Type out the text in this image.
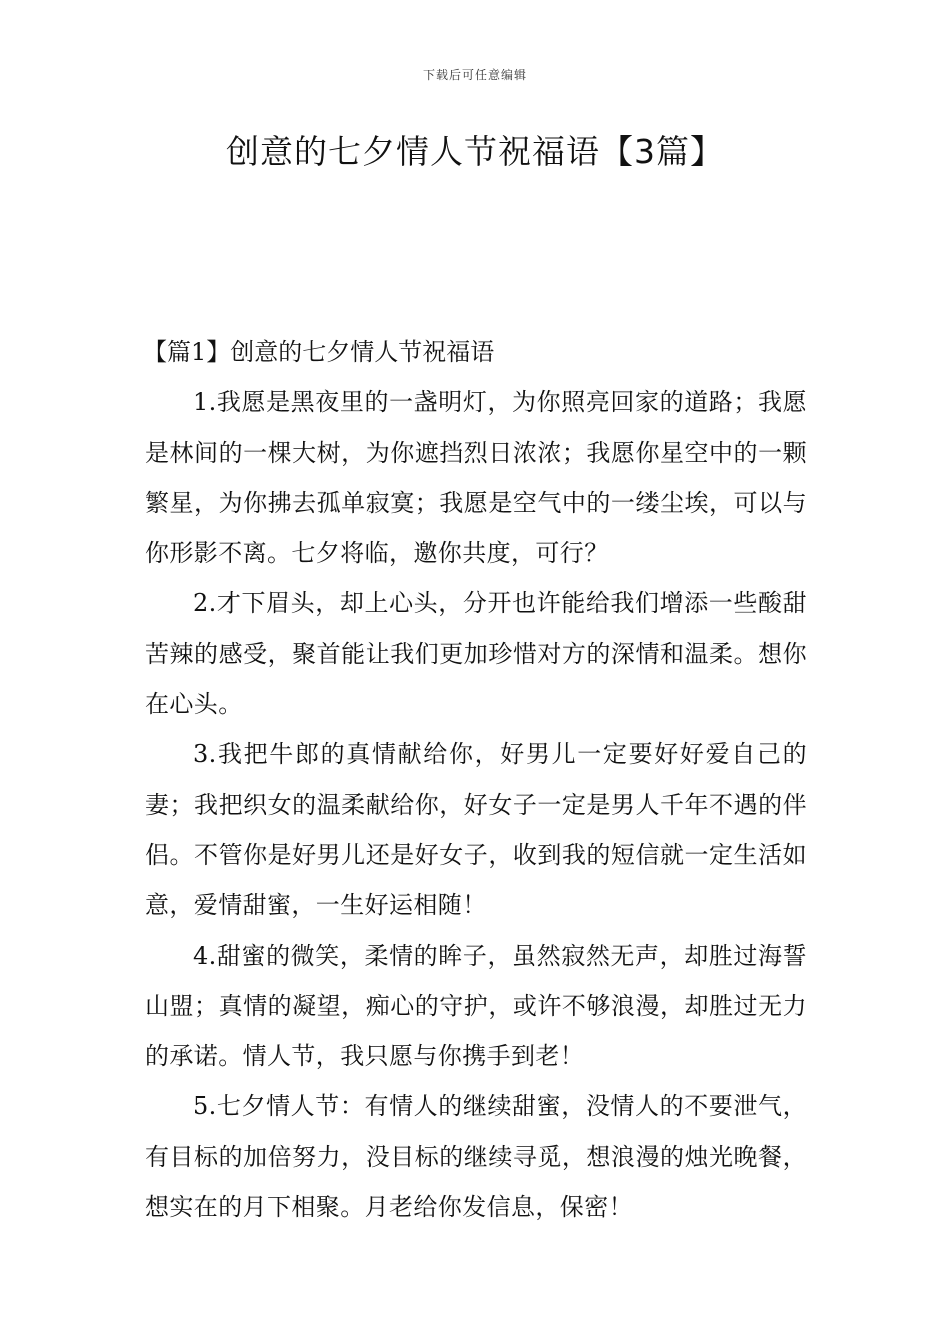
下载后可任意编辑
创意的七夕情人节祝福语【3篇】

【篇1】创意的七夕情人节祝福语

1.我愿是黑夜里的一盏明灯，为你照亮回家的道路；我愿是林间的一棵大树，为你遮挡烈日浓浓；我愿你星空中的一颗繁星，为你拂去孤单寂寞；我愿是空气中的一缕尘埃，可以与你形影不离。七夕将临，邀你共度，可行？

2.才下眉头，却上心头，分开也许能给我们增添一些酸甜苦辣的感受，聚首能让我们更加珍惜对方的深情和温柔。想你在心头。

3.我把牛郎的真情献给你，好男儿一定要好好爱自己的妻；我把织女的温柔献给你，好女子一定是男人千年不遇的伴侣。不管你是好男儿还是好女子，收到我的短信就一定生活如意，爱情甜蜜，一生好运相随！

4.甜蜜的微笑，柔情的眸子，虽然寂然无声，却胜过海誓山盟；真情的凝望，痴心的守护，或许不够浪漫，却胜过无力的承诺。情人节，我只愿与你携手到老！

5.七夕情人节：有情人的继续甜蜜，没情人的不要泄气，有目标的加倍努力，没目标的继续寻觅，想浪漫的烛光晚餐，想实在的月下相聚。月老给你发信息，保密！
